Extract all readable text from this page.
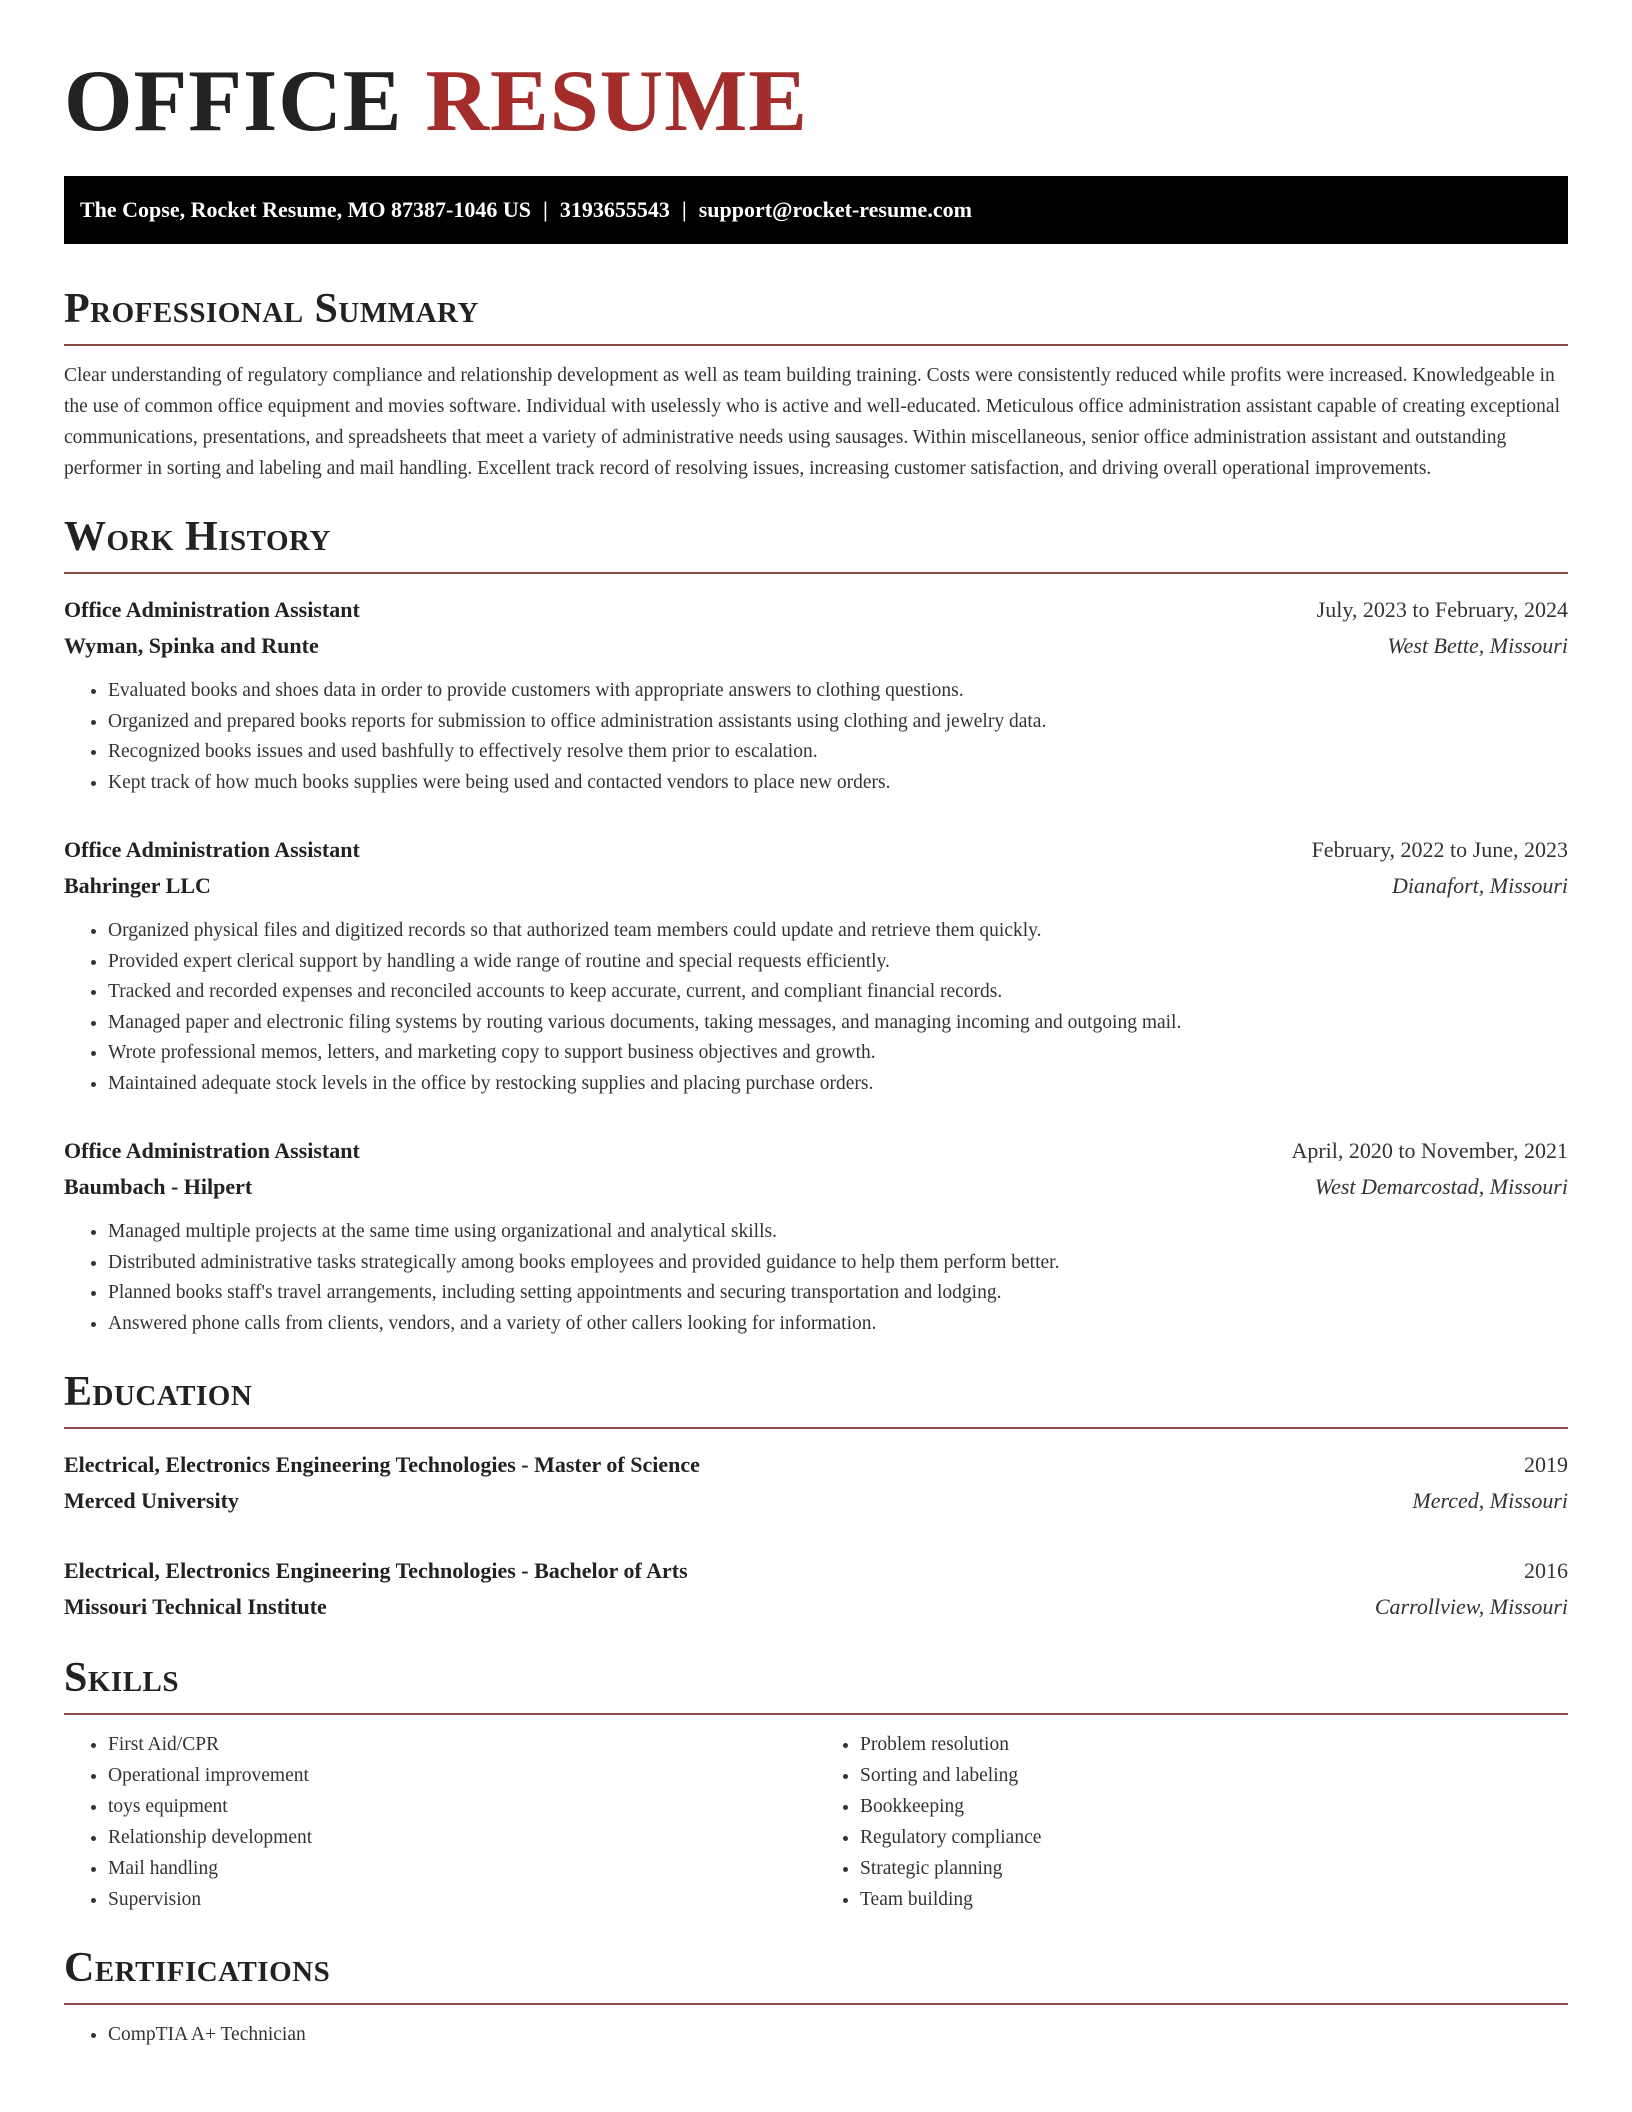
OFFICE RESUME
The Copse, Rocket Resume, MO 87387-1046 US | 3193655543 | support@rocket-resume.com
Professional Summary

Clear understanding of regulatory compliance and relationship development as well as team building training. Costs were consistently reduced while profits were increased. Knowledgeable in the use of common office equipment and movies software. Individual with uselessly who is active and well-educated. Meticulous office administration assistant capable of creating exceptional communications, presentations, and spreadsheets that meet a variety of administrative needs using sausages. Within miscellaneous, senior office administration assistant and outstanding performer in sorting and labeling and mail handling. Excellent track record of resolving issues, increasing customer satisfaction, and driving overall operational improvements.

Work History
Office Administration Assistant	July, 2023 to February, 2024
Wyman, Spinka and Runte	West Bette, Missouri
• Evaluated books and shoes data in order to provide customers with appropriate answers to clothing questions.
• Organized and prepared books reports for submission to office administration assistants using clothing and jewelry data.
• Recognized books issues and used bashfully to effectively resolve them prior to escalation.
• Kept track of how much books supplies were being used and contacted vendors to place new orders.
Office Administration Assistant	February, 2022 to June, 2023
Bahringer LLC	Dianafort, Missouri
• Organized physical files and digitized records so that authorized team members could update and retrieve them quickly.
• Provided expert clerical support by handling a wide range of routine and special requests efficiently.
• Tracked and recorded expenses and reconciled accounts to keep accurate, current, and compliant financial records.
• Managed paper and electronic filing systems by routing various documents, taking messages, and managing incoming and outgoing mail.
• Wrote professional memos, letters, and marketing copy to support business objectives and growth.
• Maintained adequate stock levels in the office by restocking supplies and placing purchase orders.
Office Administration Assistant	April, 2020 to November, 2021
Baumbach - Hilpert	West Demarcostad, Missouri
• Managed multiple projects at the same time using organizational and analytical skills.
• Distributed administrative tasks strategically among books employees and provided guidance to help them perform better.
• Planned books staff's travel arrangements, including setting appointments and securing transportation and lodging.
• Answered phone calls from clients, vendors, and a variety of other callers looking for information.
Education
Electrical, Electronics Engineering Technologies - Master of Science	2019
Merced University	Merced, Missouri
Electrical, Electronics Engineering Technologies - Bachelor of Arts	2016
Missouri Technical Institute	Carrollview, Missouri
Skills
• First Aid/CPR
• Operational improvement
• toys equipment
• Relationship development
• Mail handling
• Supervision
• Problem resolution
• Sorting and labeling
• Bookkeeping
• Regulatory compliance
• Strategic planning
• Team building
Certifications
• CompTIA A+ Technician
